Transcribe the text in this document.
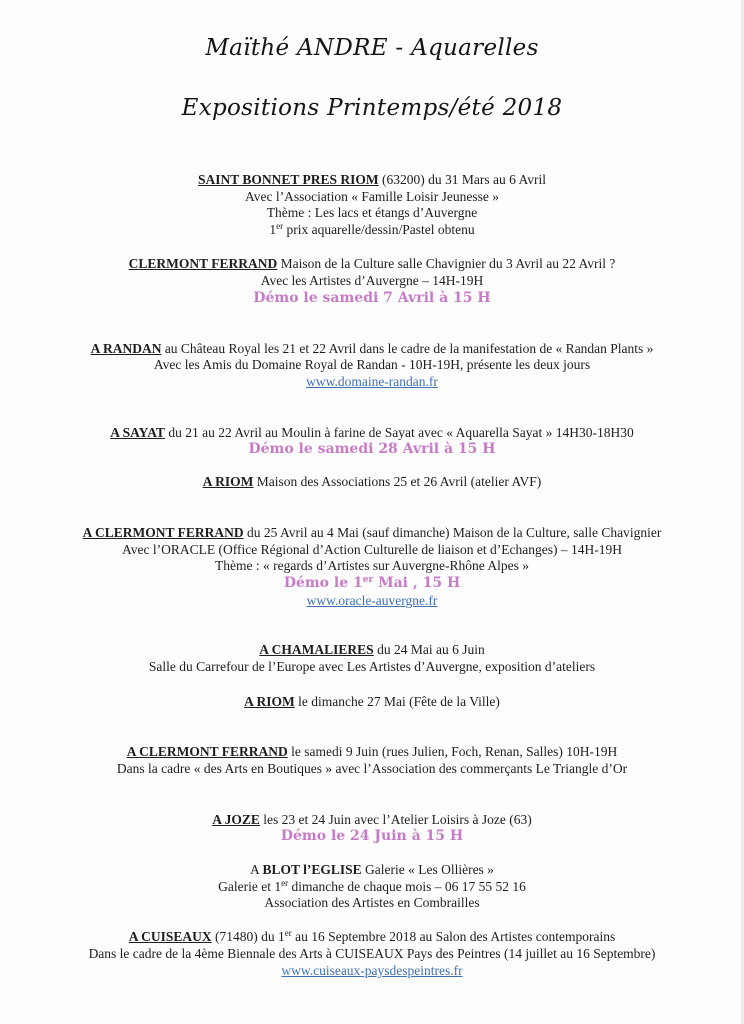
Maïthé ANDRE - Aquarelles
Expositions Printemps/été 2018
SAINT BONNET PRES RIOM (63200) du 31 Mars au 6 Avril
Avec l’Association « Famille Loisir Jeunesse »
Thème : Les lacs et étangs d’Auvergne
1er prix aquarelle/dessin/Pastel obtenu
CLERMONT FERRAND Maison de la Culture salle Chavignier du 3 Avril au 22 Avril ?
Avec les Artistes d’Auvergne – 14H-19H
Démo le samedi 7 Avril à 15 H
A RANDAN au Château Royal les 21 et 22 Avril dans le cadre de la manifestation de « Randan Plants »
Avec les Amis du Domaine Royal de Randan - 10H-19H, présente les deux jours
www.domaine-randan.fr
A SAYAT du 21 au 22 Avril au Moulin à farine de Sayat avec « Aquarella Sayat » 14H30-18H30
Démo le samedi 28 Avril à 15 H
A RIOM Maison des Associations 25 et 26 Avril (atelier AVF)
A CLERMONT FERRAND du 25 Avril au 4 Mai (sauf dimanche) Maison de la Culture, salle Chavignier
Avec l’ORACLE (Office Régional d’Action Culturelle de liaison et d’Echanges) – 14H-19H
Thème : « regards d’Artistes sur Auvergne-Rhône Alpes »
Démo le 1er Mai , 15 H
www.oracle-auvergne.fr
A CHAMALIERES du 24 Mai au 6 Juin
Salle du Carrefour de l’Europe avec Les Artistes d’Auvergne, exposition d’ateliers
A RIOM le dimanche 27 Mai (Fête de la Ville)
A CLERMONT FERRAND le samedi 9 Juin (rues Julien, Foch, Renan, Salles) 10H-19H
Dans la cadre « des Arts en Boutiques » avec l’Association des commerçants Le Triangle d’Or
A JOZE les 23 et 24 Juin avec l’Atelier Loisirs à Joze (63)
Démo le 24 Juin à 15 H
A BLOT l’EGLISE Galerie « Les Ollières »
Galerie et 1er dimanche de chaque mois – 06 17 55 52 16
Association des Artistes en Combrailles
A CUISEAUX (71480) du 1er au 16 Septembre 2018 au Salon des Artistes contemporains
Dans le cadre de la 4ème Biennale des Arts à CUISEAUX Pays des Peintres (14 juillet au 16 Septembre)
www.cuiseaux-paysdespeintres.fr
